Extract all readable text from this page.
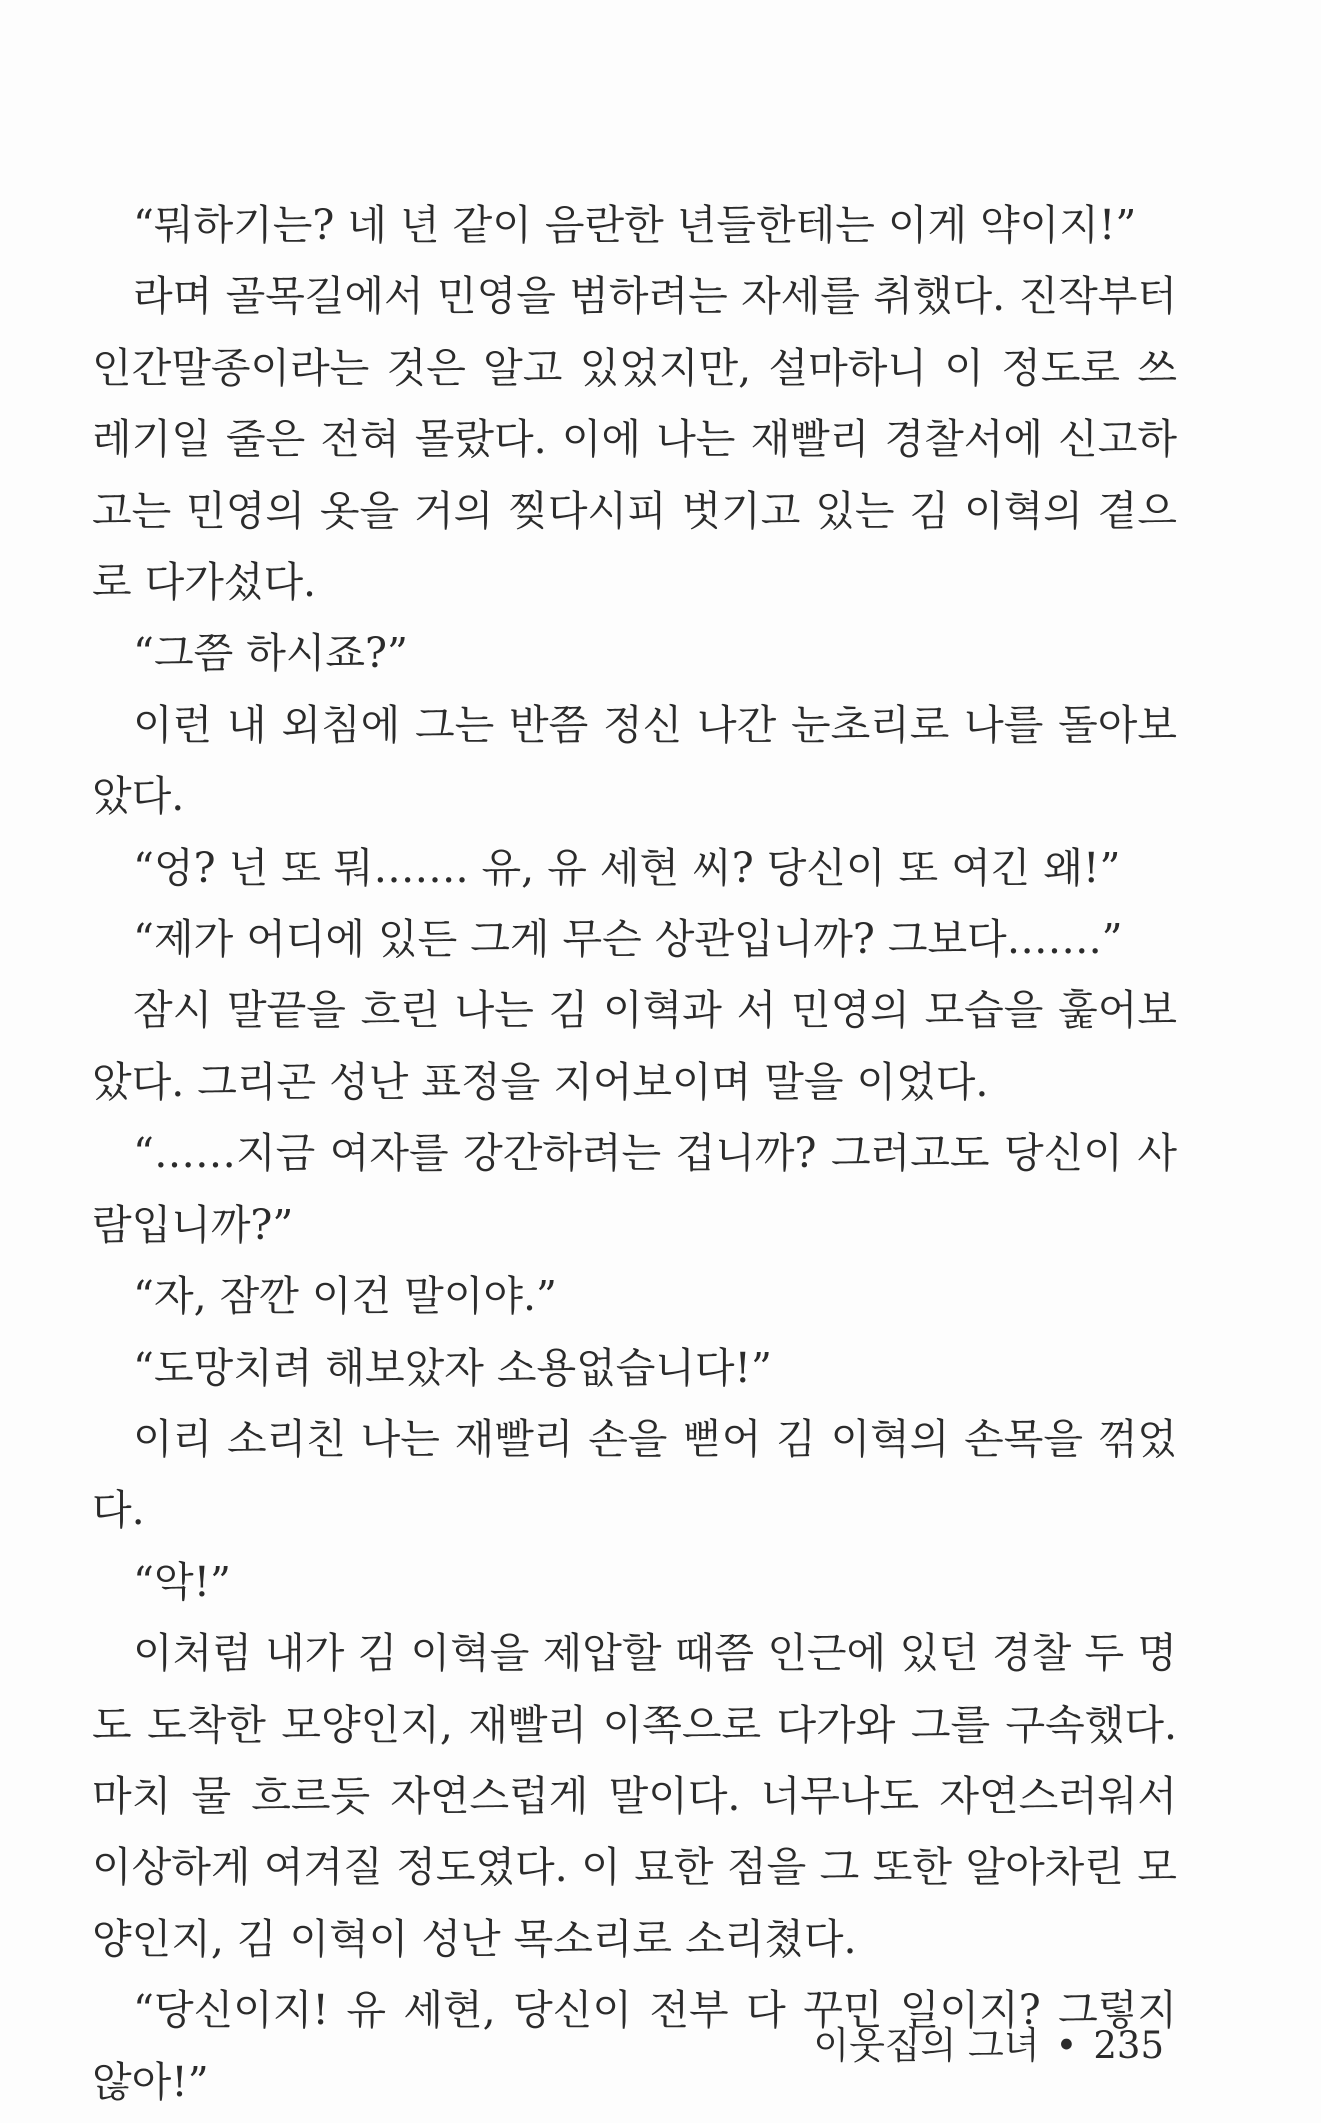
“뭐하기는? 네 년 같이 음란한 년들한테는 이게 약이지!”

라며 골목길에서 민영을 범하려는 자세를 취했다. 진작부터 인간말종이라는 것은 알고 있었지만, 설마하니 이 정도로 쓰레기일 줄은 전혀 몰랐다. 이에 나는 재빨리 경찰서에 신고하고는 민영의 옷을 거의 찢다시피 벗기고 있는 김 이혁의 곁으로 다가섰다.

“그쯤 하시죠?”

이런 내 외침에 그는 반쯤 정신 나간 눈초리로 나를 돌아보았다.

“엉? 넌 또 뭐……. 유, 유 세현 씨? 당신이 또 여긴 왜!”

“제가 어디에 있든 그게 무슨 상관입니까? 그보다…….”

잠시 말끝을 흐린 나는 김 이혁과 서 민영의 모습을 훑어보았다. 그리곤 성난 표정을 지어보이며 말을 이었다.

“……지금 여자를 강간하려는 겁니까? 그러고도 당신이 사람입니까?”

“자, 잠깐 이건 말이야.”

“도망치려 해보았자 소용없습니다!”

이리 소리친 나는 재빨리 손을 뻗어 김 이혁의 손목을 꺾었다.

“악!”

이처럼 내가 김 이혁을 제압할 때쯤 인근에 있던 경찰 두 명도 도착한 모양인지, 재빨리 이쪽으로 다가와 그를 구속했다. 마치 물 흐르듯 자연스럽게 말이다. 너무나도 자연스러워서 이상하게 여겨질 정도였다. 이 묘한 점을 그 또한 알아차린 모양인지, 김 이혁이 성난 목소리로 소리쳤다.

“당신이지! 유 세현, 당신이 전부 다 꾸민 일이지? 그렇지 않아!”

이웃집의 그녀 • 235
